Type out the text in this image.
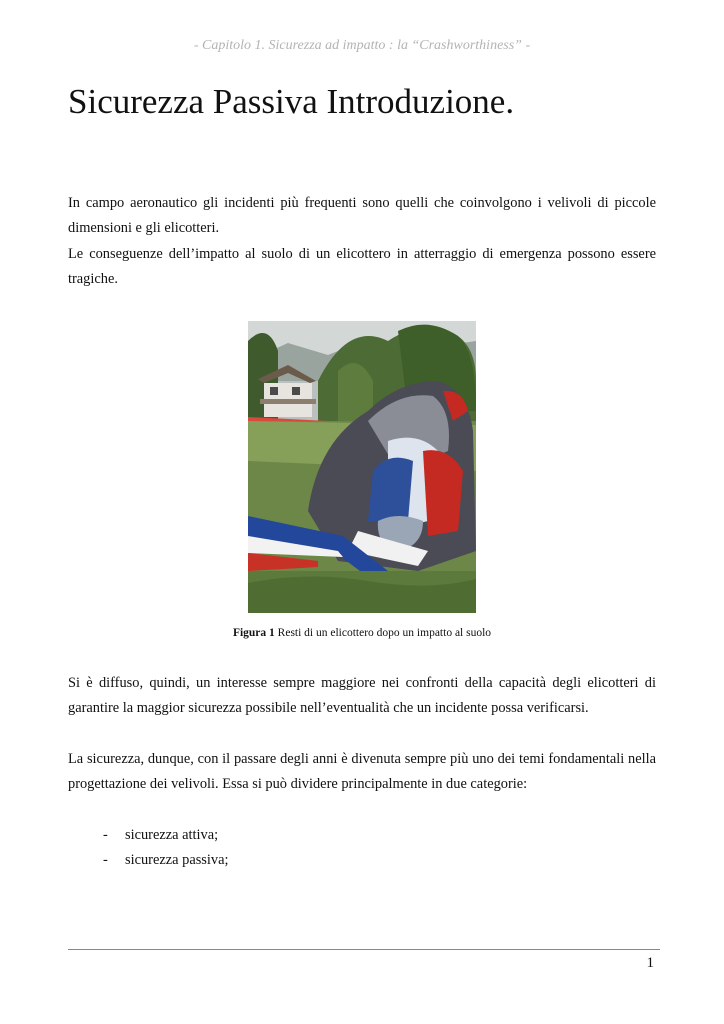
- Capitolo 1. Sicurezza ad impatto : la “Crashworthiness” -
Sicurezza Passiva Introduzione.

In campo aeronautico gli incidenti più frequenti sono quelli che coinvolgono i velivoli di piccole dimensioni e gli elicotteri.

Le conseguenze dell’impatto al suolo di un elicottero in atterraggio di emergenza possono essere tragiche.

Figura 1 Resti di un elicottero dopo un impatto al suolo

Si è diffuso, quindi, un interesse sempre maggiore nei confronti della capacità degli elicotteri di garantire la maggior sicurezza possibile nell’eventualità che un incidente possa verificarsi.

La sicurezza, dunque, con il passare degli anni è divenuta sempre più uno dei temi fondamentali nella progettazione dei velivoli. Essa si può dividere principalmente in due categorie:

- sicurezza attiva;
- sicurezza passiva;
1
